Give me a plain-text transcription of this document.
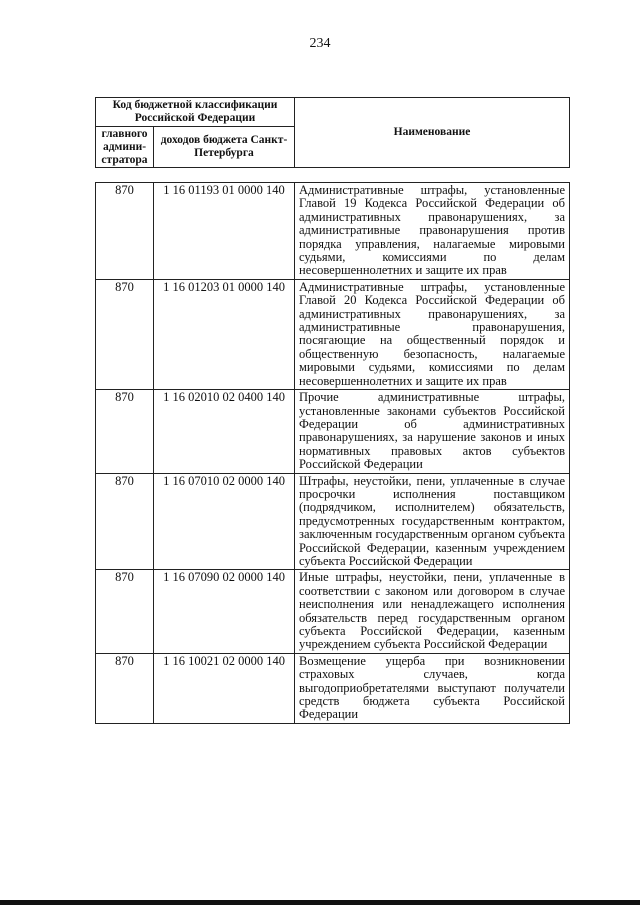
234
Код бюджетной классификации Российской Федерации		Наименование
главного админи-стратора	доходов бюджета Санкт-Петербурга	
870	1 16 01193 01 0000 140	Административные штрафы, установленные Главой 19 Кодекса Российской Федерации об административных правонарушениях, за административные правонарушения против порядка управления, налагаемые мировыми судьями, комиссиями по делам несовершеннолетних и защите их прав
870	1 16 01203 01 0000 140	Административные штрафы, установленные Главой 20 Кодекса Российской Федерации об административных правонарушениях, за административные правонарушения, посягающие на общественный порядок и общественную безопасность, налагаемые мировыми судьями, комиссиями по делам несовершеннолетних и защите их прав
870	1 16 02010 02 0400 140	Прочие административные штрафы, установленные законами субъектов Российской Федерации об административных правонарушениях, за нарушение законов и иных нормативных правовых актов субъектов Российской Федерации
870	1 16 07010 02 0000 140	Штрафы, неустойки, пени, уплаченные в случае просрочки исполнения поставщиком (подрядчиком, исполнителем) обязательств, предусмотренных государственным контрактом, заключенным государственным органом субъекта Российской Федерации, казенным учреждением субъекта Российской Федерации
870	1 16 07090 02 0000 140	Иные штрафы, неустойки, пени, уплаченные в соответствии с законом или договором в случае неисполнения или ненадлежащего исполнения обязательств перед государственным органом субъекта Российской Федерации, казенным учреждением субъекта Российской Федерации
870	1 16 10021 02 0000 140	Возмещение ущерба при возникновении страховых случаев, когда выгодоприобретателями выступают получатели средств бюджета субъекта Российской Федерации
